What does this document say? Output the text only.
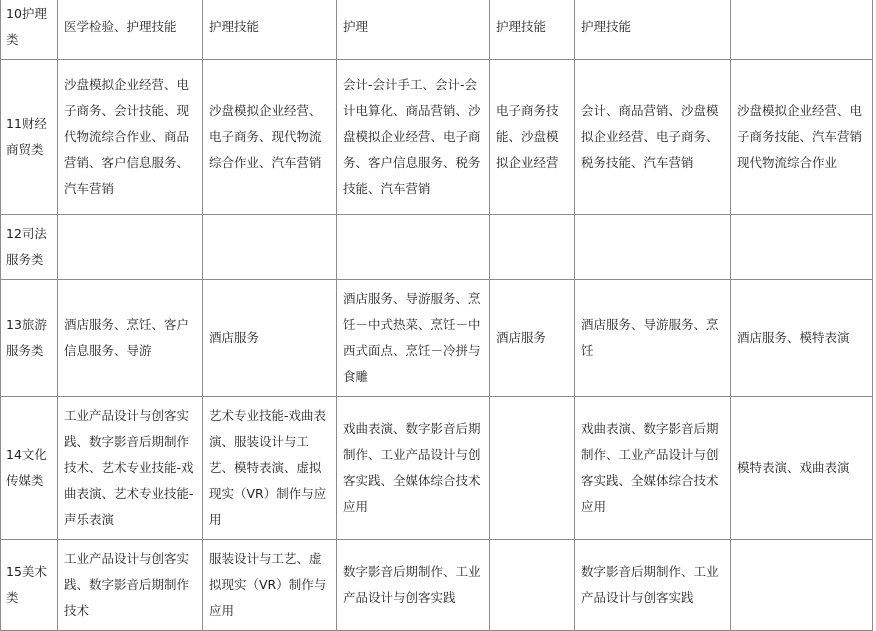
10护理类	医学检验、护理技能	护理技能	护理	护理技能	护理技能	

11财经商贸类	沙盘模拟企业经营、电子商务、会计技能、现代物流综合作业、商品营销、客户信息服务、汽车营销	沙盘模拟企业经营、电子商务、现代物流综合作业、汽车营销	会计-会计手工、会计-会计电算化、商品营销、沙盘模拟企业经营、电子商务、客户信息服务、税务技能、汽车营销	电子商务技能、沙盘模拟企业经营	会计、商品营销、沙盘模拟企业经营、电子商务、税务技能、汽车营销	沙盘模拟企业经营、电子商务技能、汽车营销现代物流综合作业

12司法服务类						

13旅游服务类	酒店服务、烹饪、客户信息服务、导游	酒店服务	酒店服务、导游服务、烹饪－中式热菜、烹饪－中西式面点、烹饪－冷拼与食雕	酒店服务	酒店服务、导游服务、烹饪	酒店服务、模特表演

14文化传媒类	工业产品设计与创客实践、数字影音后期制作技术、艺术专业技能-戏曲表演、艺术专业技能-声乐表演	艺术专业技能-戏曲表演、服装设计与工艺、模特表演、虚拟现实（VR）制作与应用	戏曲表演、数字影音后期制作、工业产品设计与创客实践、全媒体综合技术应用		戏曲表演、数字影音后期制作、工业产品设计与创客实践、全媒体综合技术应用	模特表演、戏曲表演

15美术类	工业产品设计与创客实践、数字影音后期制作技术	服装设计与工艺、虚拟现实（VR）制作与应用	数字影音后期制作、工业产品设计与创客实践		数字影音后期制作、工业产品设计与创客实践	
